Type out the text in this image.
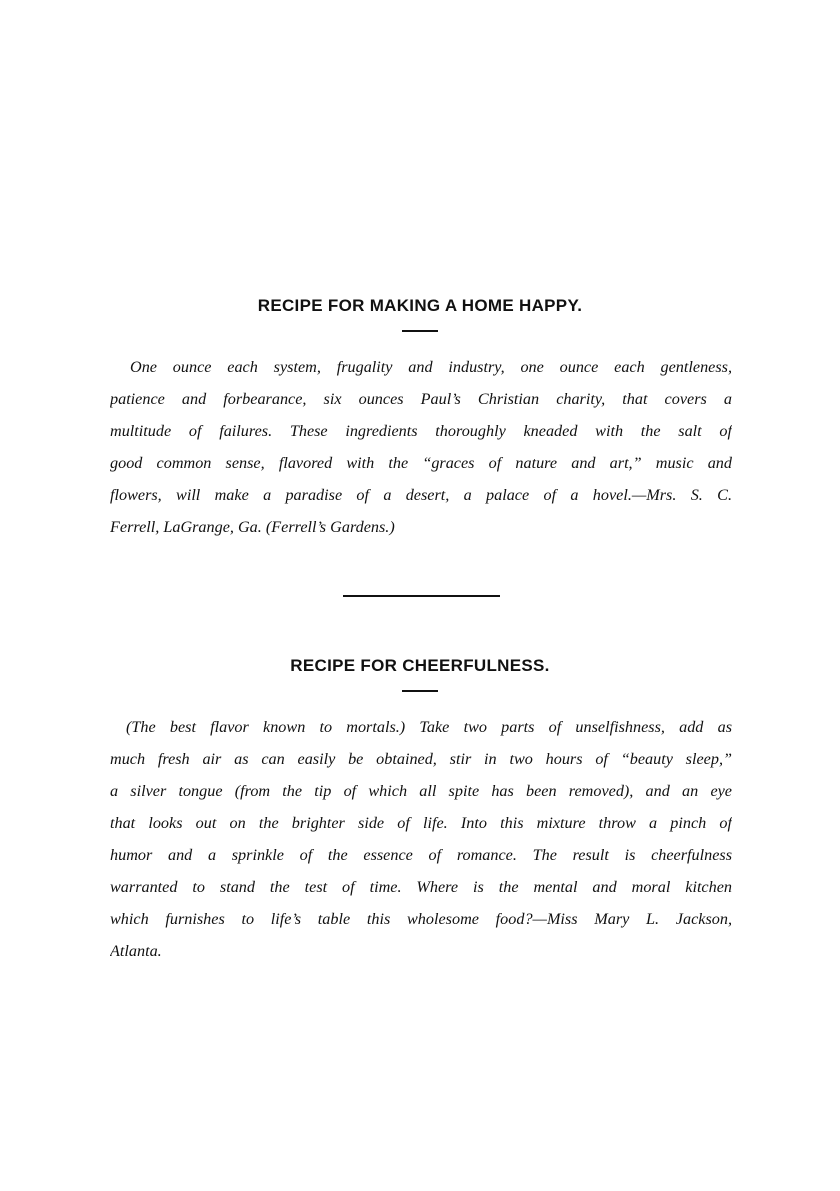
RECIPE FOR MAKING A HOME HAPPY.
One ounce each system, frugality and industry, one ounce each gentleness,
patience and forbearance, six ounces Paul’s Christian charity, that covers a
multitude of failures. These ingredients thoroughly kneaded with the salt of
good common sense, flavored with the “graces of nature and art,” music and
flowers, will make a paradise of a desert, a palace of a hovel.—Mrs. S. C.
Ferrell, LaGrange, Ga. (Ferrell’s Gardens.)
RECIPE FOR CHEERFULNESS.
(The best flavor known to mortals.) Take two parts of unselfishness, add as
much fresh air as can easily be obtained, stir in two hours of “beauty sleep,”
a silver tongue (from the tip of which all spite has been removed), and an eye
that looks out on the brighter side of life. Into this mixture throw a pinch of
humor and a sprinkle of the essence of romance. The result is cheerfulness
warranted to stand the test of time. Where is the mental and moral kitchen
which furnishes to life’s table this wholesome food?—Miss Mary L. Jackson,
Atlanta.
